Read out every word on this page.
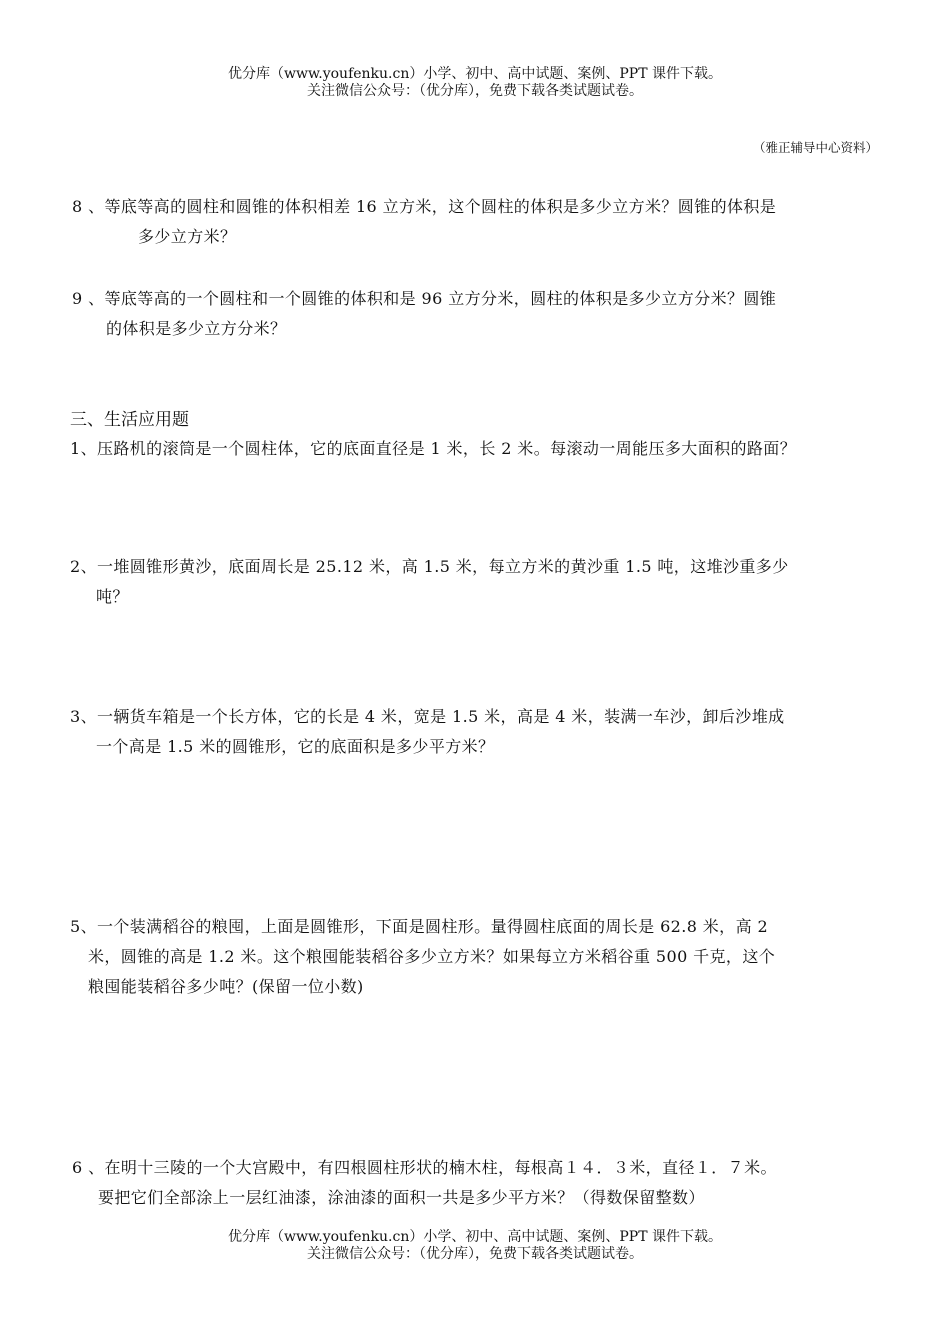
优分库（www.youfenku.cn）小学、初中、高中试题、案例、PPT 课件下载。
关注微信公众号：（优分库），免费下载各类试题试卷。
（雅正辅导中心资料）
8 、等底等高的圆柱和圆锥的体积相差 16 立方米，这个圆柱的体积是多少立方米？圆锥的体积是
多少立方米？
9 、等底等高的一个圆柱和一个圆锥的体积和是 96 立方分米，圆柱的体积是多少立方分米？圆锥
的体积是多少立方分米？
三、生活应用题
1、压路机的滚筒是一个圆柱体，它的底面直径是 1 米，长 2 米。每滚动一周能压多大面积的路面？
2、一堆圆锥形黄沙，底面周长是 25.12 米，高 1.5 米，每立方米的黄沙重 1.5 吨，这堆沙重多少
吨？
3、一辆货车箱是一个长方体，它的长是 4 米，宽是 1.5 米，高是 4 米，装满一车沙，卸后沙堆成
一个高是 1.5 米的圆锥形，它的底面积是多少平方米？
5、一个装满稻谷的粮囤，上面是圆锥形，下面是圆柱形。量得圆柱底面的周长是 62.8 米，高 2
米，圆锥的高是 1.2 米。这个粮囤能装稻谷多少立方米？如果每立方米稻谷重 500 千克，这个
粮囤能装稻谷多少吨？(保留一位小数)
6 、在明十三陵的一个大宫殿中，有四根圆柱形状的楠木柱，每根高１４．３米，直径１．７米。
要把它们全部涂上一层红油漆，涂油漆的面积一共是多少平方米？（得数保留整数）
优分库（www.youfenku.cn）小学、初中、高中试题、案例、PPT 课件下载。
关注微信公众号：（优分库），免费下载各类试题试卷。
